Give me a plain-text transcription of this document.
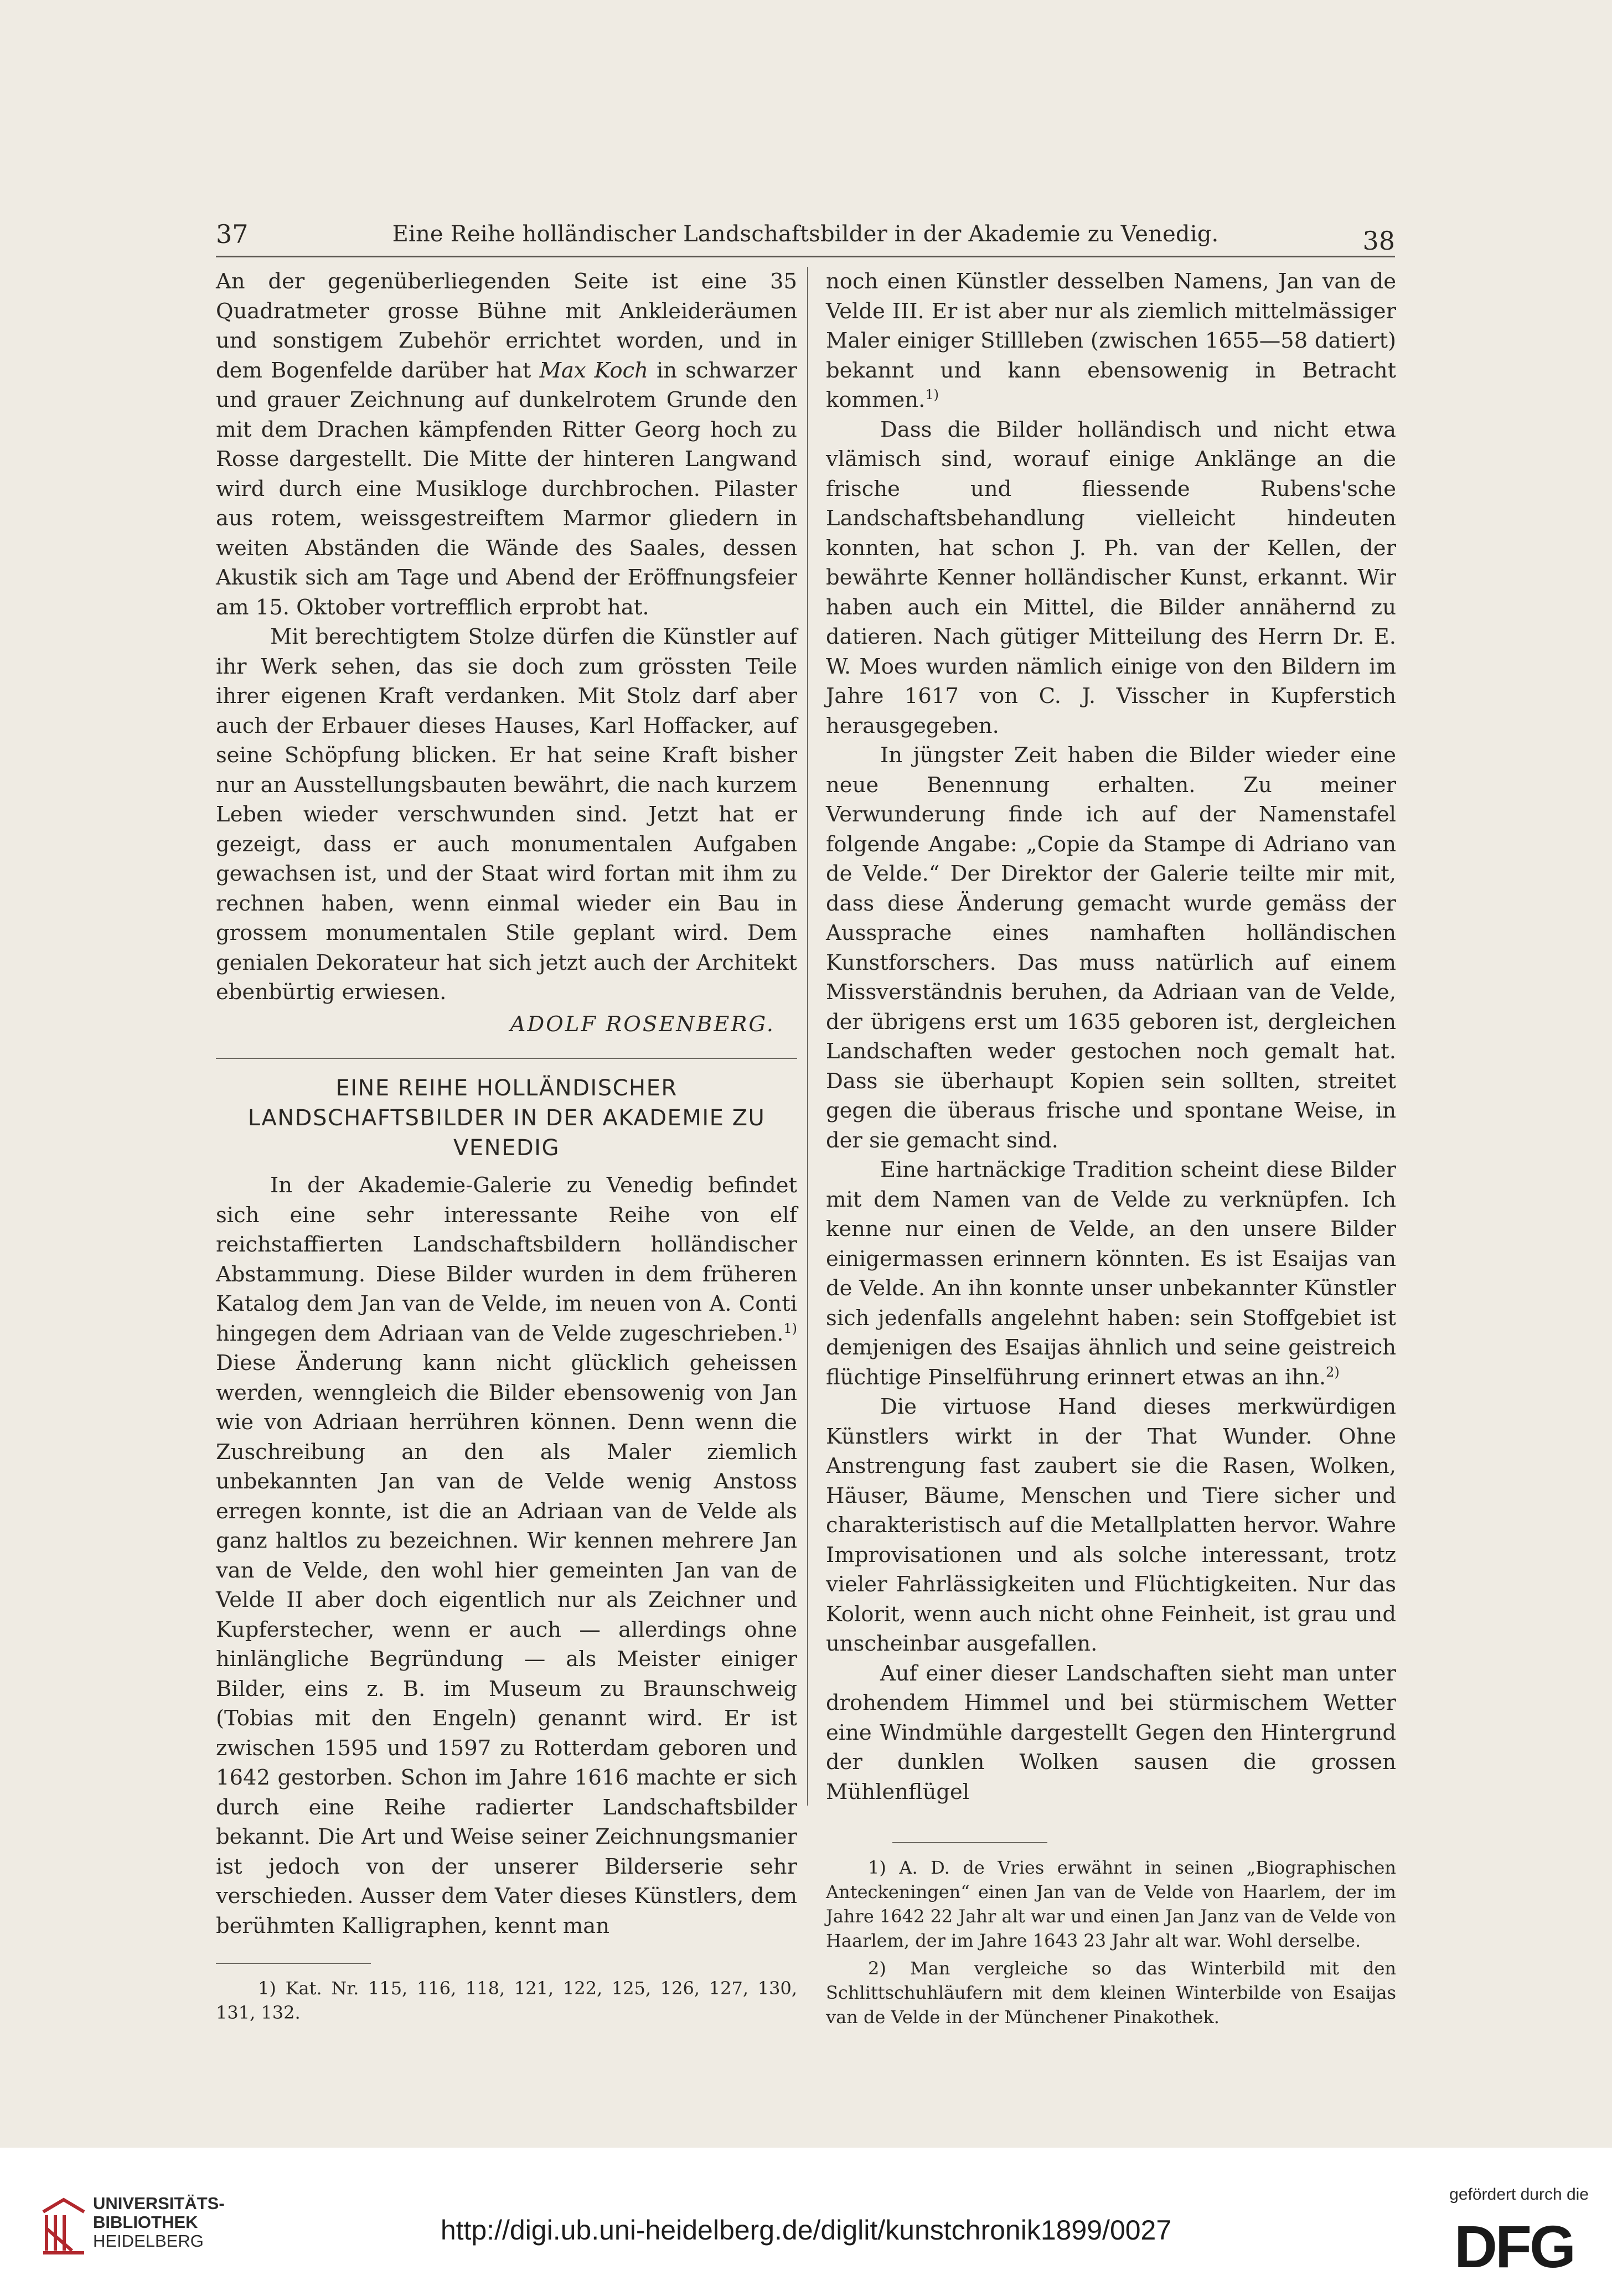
37	Eine Reihe holländischer Landschaftsbilder in der Akademie zu Venedig.	38

An der gegenüberliegenden Seite ist eine 35 Quadratmeter grosse Bühne mit Ankleideräumen und sonstigem Zubehör errichtet worden, und in dem Bogenfelde darüber hat Max Koch in schwarzer und grauer Zeichnung auf dunkelrotem Grunde den mit dem Drachen kämpfenden Ritter Georg hoch zu Rosse dargestellt. Die Mitte der hinteren Langwand wird durch eine Musikloge durchbrochen. Pilaster aus rotem, weissgestreiftem Marmor gliedern in weiten Abständen die Wände des Saales, dessen Akustik sich am Tage und Abend der Eröffnungsfeier am 15. Oktober vortrefflich erprobt hat.

Mit berechtigtem Stolze dürfen die Künstler auf ihr Werk sehen, das sie doch zum grössten Teile ihrer eigenen Kraft verdanken. Mit Stolz darf aber auch der Erbauer dieses Hauses, Karl Hoffacker, auf seine Schöpfung blicken. Er hat seine Kraft bisher nur an Ausstellungsbauten bewährt, die nach kurzem Leben wieder verschwunden sind. Jetzt hat er gezeigt, dass er auch monumentalen Aufgaben gewachsen ist, und der Staat wird fortan mit ihm zu rechnen haben, wenn einmal wieder ein Bau in grossem monumentalen Stile geplant wird. Dem genialen Dekorateur hat sich jetzt auch der Architekt ebenbürtig erwiesen.

ADOLF ROSENBERG.
EINE REIHE HOLLÄNDISCHER LANDSCHAFTSBILDER IN DER AKADEMIE ZU VENEDIG

In der Akademie-Galerie zu Venedig befindet sich eine sehr interessante Reihe von elf reichstaffierten Landschaftsbildern holländischer Abstammung. Diese Bilder wurden in dem früheren Katalog dem Jan van de Velde, im neuen von A. Conti hingegen dem Adriaan van de Velde zugeschrieben.$^{1)}$ Diese Änderung kann nicht glücklich geheissen werden, wenngleich die Bilder ebensowenig von Jan wie von Adriaan herrühren können. Denn wenn die Zuschreibung an den als Maler ziemlich unbekannten Jan van de Velde wenig Anstoss erregen konnte, ist die an Adriaan van de Velde als ganz haltlos zu bezeichnen. Wir kennen mehrere Jan van de Velde, den wohl hier gemeinten Jan van de Velde II aber doch eigentlich nur als Zeichner und Kupferstecher, wenn er auch — allerdings ohne hinlängliche Begründung — als Meister einiger Bilder, eins z. B. im Museum zu Braunschweig (Tobias mit den Engeln) genannt wird. Er ist zwischen 1595 und 1597 zu Rotterdam geboren und 1642 gestorben. Schon im Jahre 1616 machte er sich durch eine Reihe radierter Landschaftsbilder bekannt. Die Art und Weise seiner Zeichnungsmanier ist jedoch von der unserer Bilderserie sehr verschieden. Ausser dem Vater dieses Künstlers, dem berühmten Kalligraphen, kennt man

1) Kat. Nr. 115, 116, 118, 121, 122, 125, 126, 127, 130, 131, 132.

noch einen Künstler desselben Namens, Jan van de Velde III. Er ist aber nur als ziemlich mittelmässiger Maler einiger Stillleben (zwischen 1655—58 datiert) bekannt und kann ebensowenig in Betracht kommen.$^{1)}$

Dass die Bilder holländisch und nicht etwa vlämisch sind, worauf einige Anklänge an die frische und fliessende Rubens'sche Landschaftsbehandlung vielleicht hindeuten konnten, hat schon J. Ph. van der Kellen, der bewährte Kenner holländischer Kunst, erkannt. Wir haben auch ein Mittel, die Bilder annähernd zu datieren. Nach gütiger Mitteilung des Herrn Dr. E. W. Moes wurden nämlich einige von den Bildern im Jahre 1617 von C. J. Visscher in Kupferstich herausgegeben.

In jüngster Zeit haben die Bilder wieder eine neue Benennung erhalten. Zu meiner Verwunderung finde ich auf der Namenstafel folgende Angabe: „Copie da Stampe di Adriano van de Velde.“ Der Direktor der Galerie teilte mir mit, dass diese Änderung gemacht wurde gemäss der Aussprache eines namhaften holländischen Kunstforschers. Das muss natürlich auf einem Missverständnis beruhen, da Adriaan van de Velde, der übrigens erst um 1635 geboren ist, dergleichen Landschaften weder gestochen noch gemalt hat. Dass sie überhaupt Kopien sein sollten, streitet gegen die überaus frische und spontane Weise, in der sie gemacht sind.

Eine hartnäckige Tradition scheint diese Bilder mit dem Namen van de Velde zu verknüpfen. Ich kenne nur einen de Velde, an den unsere Bilder einigermassen erinnern könnten. Es ist Esaijas van de Velde. An ihn konnte unser unbekannter Künstler sich jedenfalls angelehnt haben: sein Stoffgebiet ist demjenigen des Esaijas ähnlich und seine geistreich flüchtige Pinselführung erinnert etwas an ihn.$^{2)}$

Die virtuose Hand dieses merkwürdigen Künstlers wirkt in der That Wunder. Ohne Anstrengung fast zaubert sie die Rasen, Wolken, Häuser, Bäume, Menschen und Tiere sicher und charakteristisch auf die Metallplatten hervor. Wahre Improvisationen und als solche interessant, trotz vieler Fahrlässigkeiten und Flüchtigkeiten. Nur das Kolorit, wenn auch nicht ohne Feinheit, ist grau und unscheinbar ausgefallen.

Auf einer dieser Landschaften sieht man unter drohendem Himmel und bei stürmischem Wetter eine Windmühle dargestellt Gegen den Hintergrund der dunklen Wolken sausen die grossen Mühlenflügel

1) A. D. de Vries erwähnt in seinen „Biographischen Anteckeningen“ einen Jan van de Velde von Haarlem, der im Jahre 1642 22 Jahr alt war und einen Jan Janz van de Velde von Haarlem, der im Jahre 1643 23 Jahr alt war. Wohl derselbe.

2) Man vergleiche so das Winterbild mit den Schlittschuhläufern mit dem kleinen Winterbilde von Esaijas van de Velde in der Münchener Pinakothek.

UNIVERSITÄTS-
BIBLIOTHEK
HEIDELBERG	http://digi.ub.uni-heidelberg.de/diglit/kunstchronik1899/0027
gefördert durch die
DFG
